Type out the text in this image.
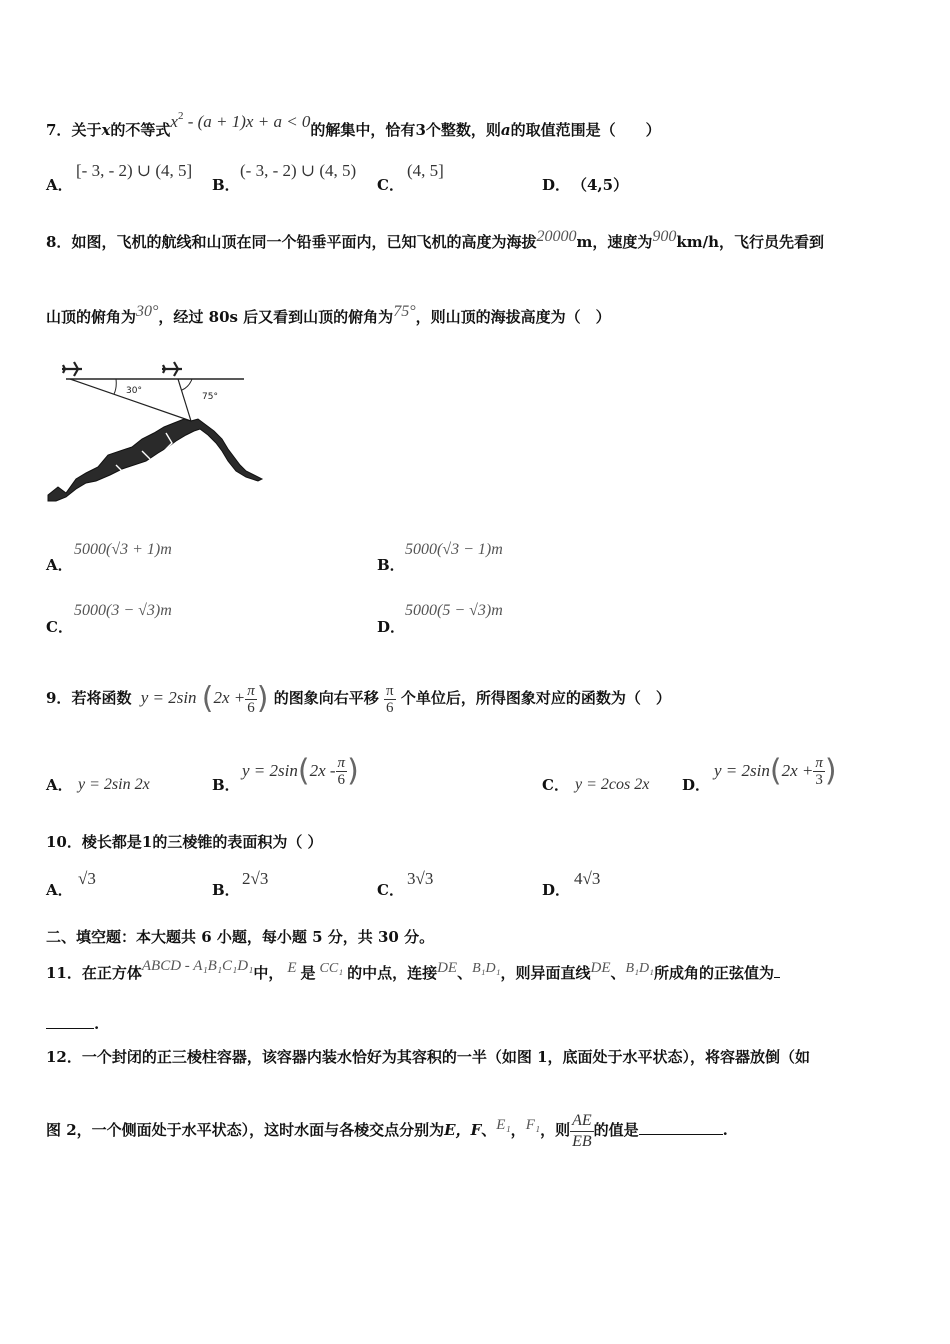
7．关于x的不等式$x^2 - (a + 1)x + a < 0$的解集中，恰有3个整数，则a的取值范围是（　　）
A．
[- 3, - 2) ∪ (4, 5]
B．
(- 3, - 2) ∪ (4, 5)
C．
(4, 5]
D． （4,5）
8．如图，飞机的航线和山顶在同一个铅垂平面内，已知飞机的高度为海拔20000m，速度为900km/h，飞行员先看到
山顶的俯角为30°，经过 80s 后又看到山顶的俯角为75°，则山顶的海拔高度为（　）
30°
75°
A．
5000(√3 + 1)m
B．
5000(√3 − 1)m
C．
5000(3 − √3)m
D．
5000(5 − √3)m
9．若将函数 y = 2sin ($2x + \frac{\pi}{6}$ ) 的图象向右平移 $\frac{\pi}{6}$ 个单位后，所得图象对应的函数为（　）
A． y = 2sin 2x	B．
$y = 2\sin(2x - \frac{\pi}{6}$ )	C． y = 2cos 2x D．
$y = 2\sin(2x + \frac{\pi}{3}$ )
10．棱长都是1的三棱锥的表面积为（ ）
A．
√3
B．
2√3
C．
3√3
D．
4√3
二、填空题：本大题共 6 小题，每小题 5 分，共 30 分。
11．在正方体ABCD - A₁B₁C₁D₁中， E 是 CC₁ 的中点，连接DE、B₁D₁，则异面直线DE、B₁D₁所成角的正弦值为
.
12．一个封闭的正三棱柱容器，该容器内装水恰好为其容积的一半（如图 1，底面处于水平状态），将容器放倒（如
图 2，一个侧面处于水平状态），这时水面与各棱交点分别为E，F、E₁，F₁，则 $\frac{AE}{EB}$ 的值是	.
